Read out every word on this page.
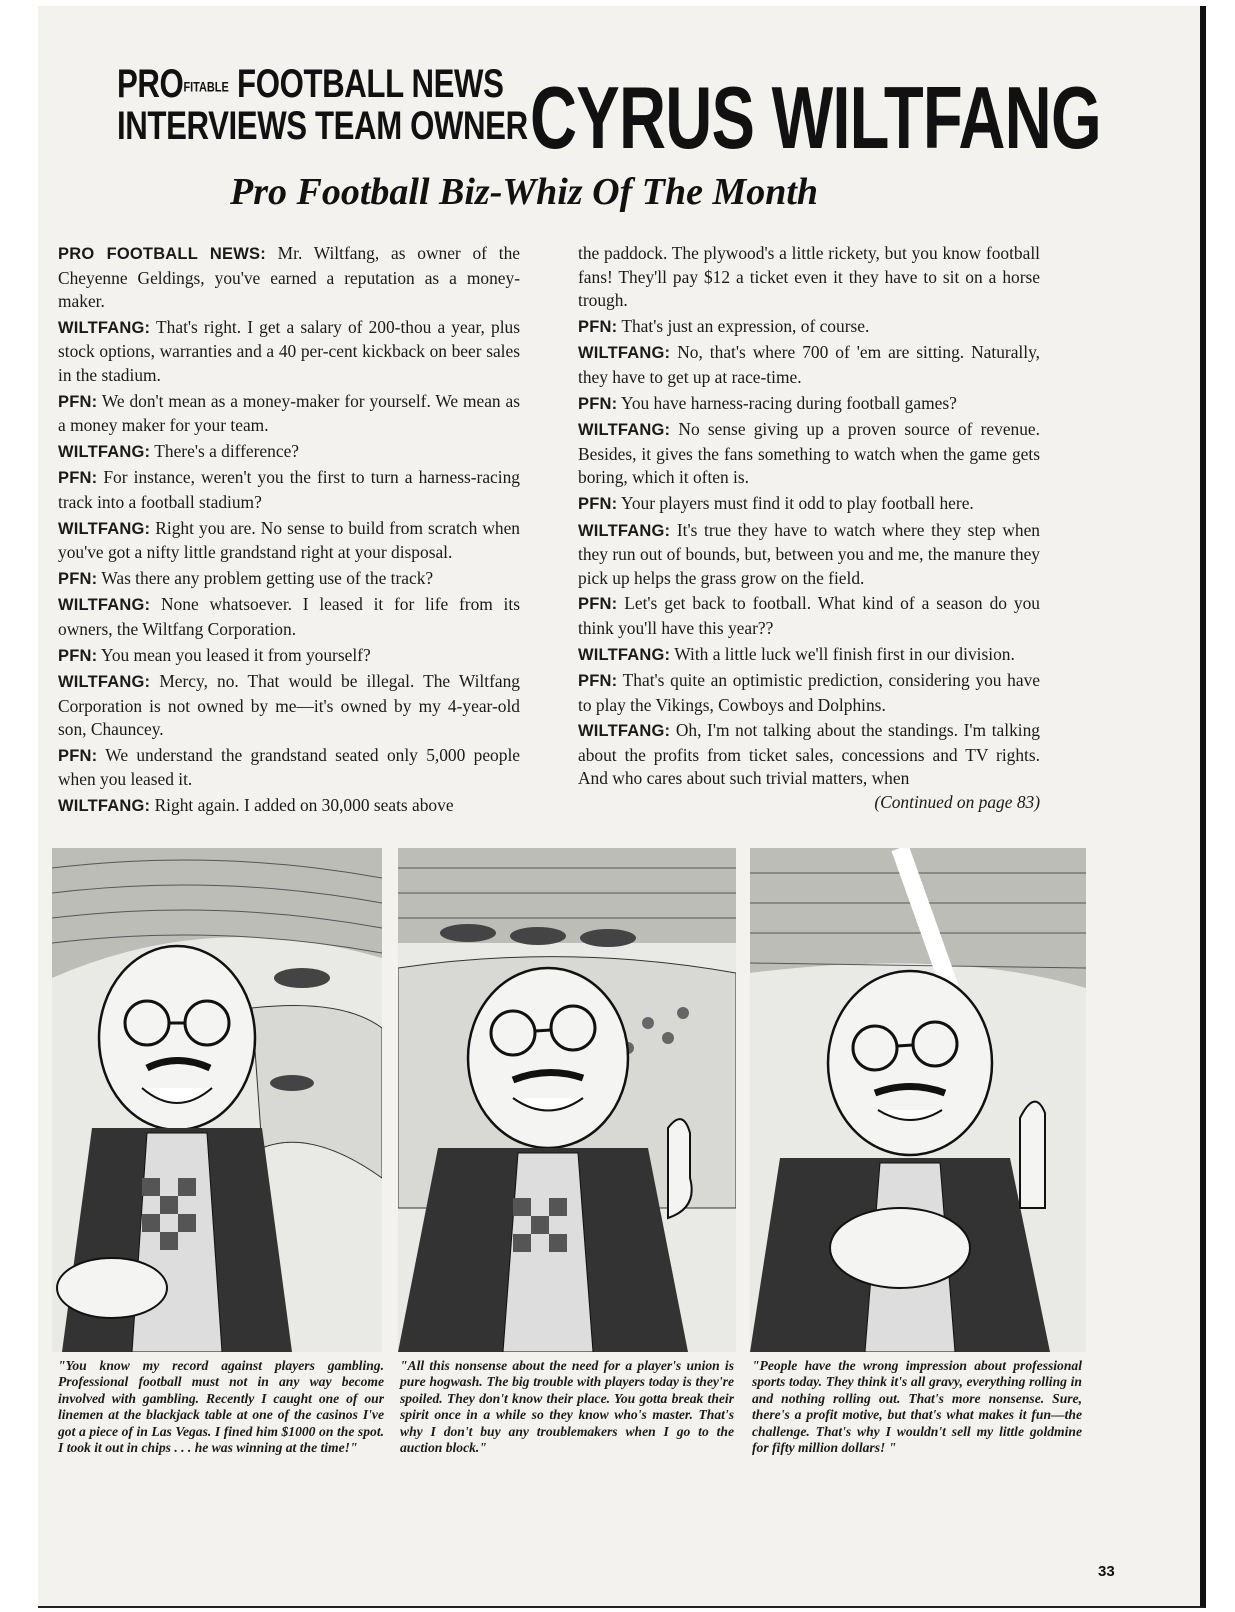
PROFITABLE FOOTBALL NEWS
INTERVIEWS TEAM OWNER CYRUS WILTFANG
Pro Football Biz-Whiz Of The Month

PRO FOOTBALL NEWS: Mr. Wiltfang, as owner of the Cheyenne Geldings, you've earned a reputation as a money-maker.

WILTFANG: That's right. I get a salary of 200-thou a year, plus stock options, warranties and a 40 per-cent kickback on beer sales in the stadium.

PFN: We don't mean as a money-maker for yourself. We mean as a money maker for your team.

WILTFANG: There's a difference?

PFN: For instance, weren't you the first to turn a harness-racing track into a football stadium?

WILTFANG: Right you are. No sense to build from scratch when you've got a nifty little grandstand right at your disposal.

PFN: Was there any problem getting use of the track?

WILTFANG: None whatsoever. I leased it for life from its owners, the Wiltfang Corporation.

PFN: You mean you leased it from yourself?

WILTFANG: Mercy, no. That would be illegal. The Wiltfang Corporation is not owned by me—it's owned by my 4-year-old son, Chauncey.

PFN: We understand the grandstand seated only 5,000 people when you leased it.

WILTFANG: Right again. I added on 30,000 seats above

the paddock. The plywood's a little rickety, but you know football fans! They'll pay $12 a ticket even it they have to sit on a horse trough.

PFN: That's just an expression, of course.

WILTFANG: No, that's where 700 of 'em are sitting. Naturally, they have to get up at race-time.

PFN: You have harness-racing during football games?

WILTFANG: No sense giving up a proven source of revenue. Besides, it gives the fans something to watch when the game gets boring, which it often is.

PFN: Your players must find it odd to play football here.

WILTFANG: It's true they have to watch where they step when they run out of bounds, but, between you and me, the manure they pick up helps the grass grow on the field.

PFN: Let's get back to football. What kind of a season do you think you'll have this year??

WILTFANG: With a little luck we'll finish first in our division.

PFN: That's quite an optimistic prediction, considering you have to play the Vikings, Cowboys and Dolphins.

WILTFANG: Oh, I'm not talking about the standings. I'm talking about the profits from ticket sales, concessions and TV rights. And who cares about such trivial matters, when

(Continued on page 83)
"You know my record against players gambling. Professional football must not in any way become involved with gambling. Recently I caught one of our linemen at the blackjack table at one of the casinos I've got a piece of in Las Vegas. I fined him $1000 on the spot. I took it out in chips . . . he was winning at the time!"
"All this nonsense about the need for a player's union is pure hogwash. The big trouble with players today is they're spoiled. They don't know their place. You gotta break their spirit once in a while so they know who's master. That's why I don't buy any troublemakers when I go to the auction block."
"People have the wrong impression about professional sports today. They think it's all gravy, everything rolling in and nothing rolling out. That's more nonsense. Sure, there's a profit motive, but that's what makes it fun—the challenge. That's why I wouldn't sell my little goldmine for fifty million dollars! "
33
